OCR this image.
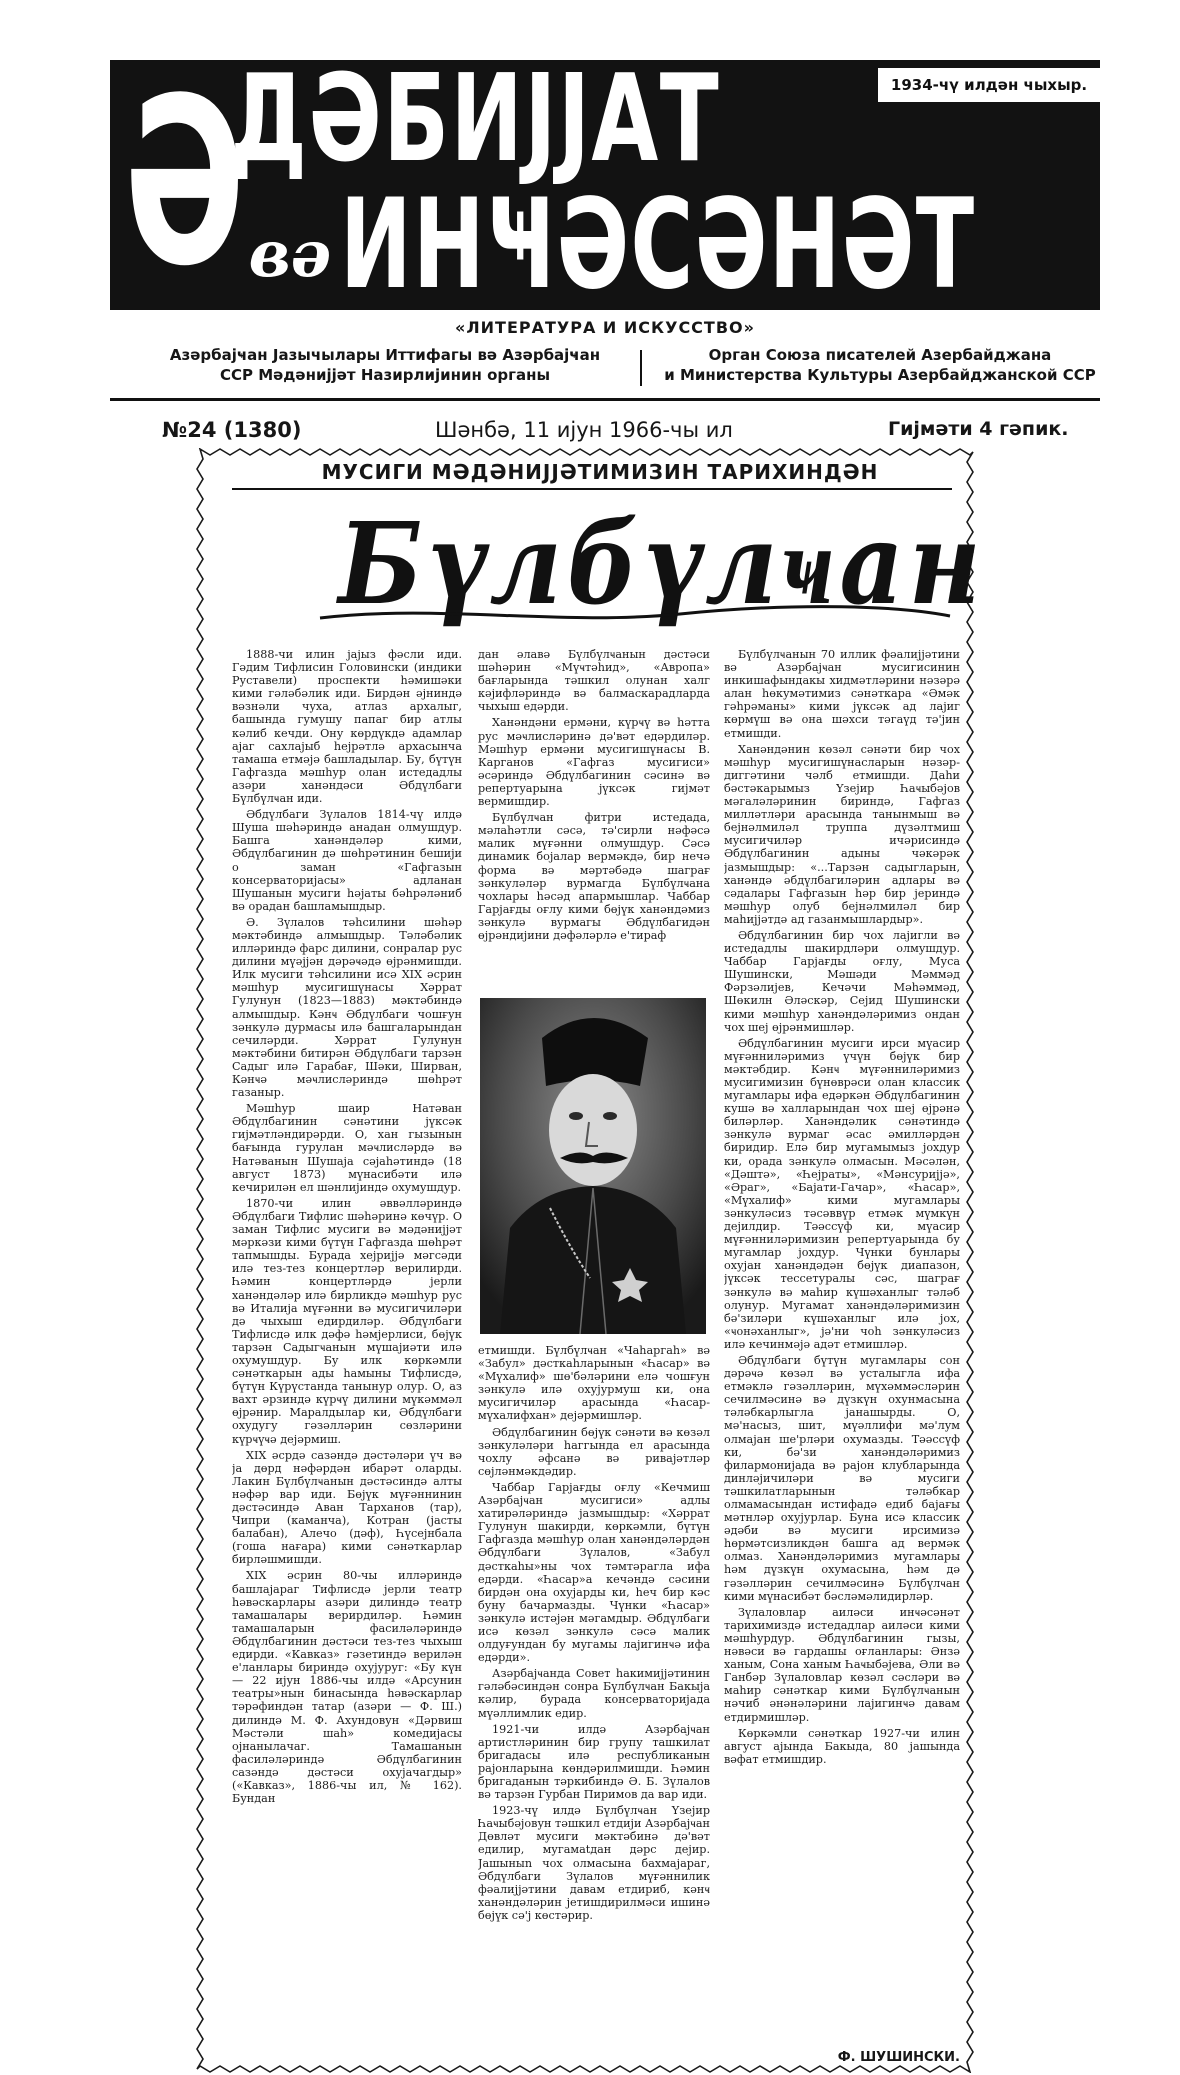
Ә
ДӘБИЈЈАТ
вә ИНҸӘСӘНӘТ
1934-чү илдән чыхыр.
«ЛИТЕРАТУРА И ИСКУССТВО»
Азәрбајҹан Јазычылары Иттифагы вә Азәрбајҹан
ССР Мәдәнијјәт Назирлијинин органы
Орган Союза писателей Азербайджана
и Министерства Культуры Азербайджанской ССР
№24 (1380)	Шәнбә, 11 ијун 1966-чы ил	Гијмәти 4 гәпик.
МУСИГИ МӘДӘНИЈЈӘТИМИЗИН ТАРИХИНДӘН
Бүлбүлҹан

1888-чи илин јајыз фәсли иди. Гәдим Тифлисин Головински (индики Руставели) проспекти һәмишәки кими гәләбәлик иди. Бирдән әјниндә вәзнәли чуха, атлаз архалыг, башында гумушу папаг бир атлы кәлиб кечди. Ону көрдүкдә адамлар ајаг сахлајыб һејрәтлә архасынча тамаша етмәјә башладылар. Бу, бүтүн Гафгазда мәшһур олан истедадлы азәри ханәндәси Әбдүлбаги Бүлбүлҹан иди.

Әбдүлбаги Зүлалов 1814-чү илдә Шуша шәһәриндә анадан олмушдур. Башга ханәндәләр кими, Әбдүлбагинин дә шөһрәтинин бешији о заман «Гафгазын консерваторијасы» адланан Шушанын мусиги һәјаты бәһрәләниб вә орадан башламышдыр.

Ә. Зүлалов тәһсилини шәһәр мәктәбиндә алмышдыр. Тәләбәлик илләриндә фарс дилини, сонралар рус дилини мүәјјән дәрәҹәдә өјрәнмишди. Илк мусиги тәһсилини исә XIX әсрин мәшһур мусигишүнасы Хәррат Гулунун (1823—1883) мәктәбиндә алмышдыр. Кәнҹ Әбдүлбаги чошғун зәнкулә дурмасы илә башгаларындан сечиләрди. Хәррат Гулунун мәктәбини битирән Әбдүлбаги тарзән Садыг илә Гарабағ, Шәки, Ширван, Кәнҹә мәҹлисләриндә шөһрәт газаныр.

Мәшһур шаир Натәван Әбдүлбагинин сәнәтини јүксәк гијмәтләндирәрди. О, хан гызынын бағында гурулан мәҹлисләрдә вә Натәванын Шушаја сәјаһәтиндә (18 август 1873) мүнасибәти илә кечирилән ел шәнлијиндә охумушдур.

1870-чи илин әввәлләриндә Әбдүлбаги Тифлис шәһәринә көчүр. О заман Тифлис мусиги вә мәдәнијјәт мәркәзи кими бүтүн Гафгазда шөһрәт тапмышды. Бурада хејријјә мәгсәди илә тез-тез концертләр верилирди. Һәмин концертләрдә јерли ханәндәләр илә бирликдә мәшһур рус вә Италија мүғәнни вә мусигичиләри дә чыхыш едирдиләр. Әбдүлбаги Тифлисдә илк дәфә һәмјерлиси, бөјүк тарзән Садыгҹанын мүшајиәти илә охумушдур. Бу илк көркәмли сәнәткарын ады һамыны Тифлисдә, бүтүн Күрүстанда танынур олур. О, аз вахт әрзиндә күрҹү дилини мүкәммәл өјрәнир. Маралдылар ки, Әбдүлбаги охудугу гәзәлләрин сөзләрини күрҹүҹә дејәрмиш.

XIX әсрдә сазәндә дәстәләри үч вә ја дөрд нәфәрдән ибарәт оларды. Лакин Бүлбүлҹанын дәстәсиндә алты нәфәр вар иди. Бөјүк мүғәннинин дәстәсиндә Аван Тарханов (тар), Чипри (каманча), Котран (јасты балабан), Алечо (дәф), Һүсејнбала (гоша нағара) кими сәнәткарлар бирләшмишди.

XIX әсрин 80-чы илләриндә башлајараг Тифлисдә јерли театр һәвәскарлары азәри дилиндә театр тамашалары верирдиләр. Һәмин тамашаларын фасиләләриндә Әбдүлбагинин дәстәси тез-тез чыхыш едирди. «Кавказ» гәзетиндә верилән е'ланлары бириндә охујуруг: «Бу күн — 22 ијун 1886-чы илдә «Арсунин театры»нын бинасында һәвәскарлар тәрәфиндән татар (азәри — Ф. Ш.) дилиндә М. Ф. Ахундовун «Дәрвиш Мәстәли шаһ» комедијасы ојнанылачаг. Тамашанын фасиләләриндә Әбдүлбагинин сазәндә дәстәси охујачагдыр» («Кавказ», 1886-чы ил, № 162). Бундан

дан әлавә Бүлбүлҹанын дәстәси шәһәрин «Мүҹтәһид», «Авропа» бағларында тәшкил олунан халг кәјифләриндә вә балмаскарадларда чыхыш едәрди.

Ханәндәни ермәни, күрҹү вә һәтта рус мәҹлисләринә дә'вәт едәрдиләр. Мәшһур ермәни мусигишүнасы В. Карганов «Гафгаз мусигиси» әсәриндә Әбдүлбагинин сәсинә вә репертуарына јүксәк гијмәт вермишдир.

Бүлбүлҹан фитри истедада, мәлаһәтли сәсә, тә'сирли нәфәсә малик мүғәнни олмушдур. Сәсә динамик бојалар вермәкдә, бир нечә форма вә мәртәбәдә шаграғ зәнкуләләр вурмагда Бүлбүлҹана чохлары һәсәд апармышлар. Чаббар Гарјағды оғлу кими бөјүк ханәндәмиз зәнкулә вурмагы Әбдүлбагидән өјрәндијини дәфәләрлә е'тираф

етмишди. Бүлбүлҹан «Чаһаргаһ» вә «Забул» дәсткаһларынын «Һасар» вә «Мүхалиф» шө'бәләрини елә чошғун зәнкулә илә охујурмуш ки, она мусигичиләр арасында «Һасар-мүхалифхан» дејәрмишләр.

Әбдүлбагинин бөјүк сәнәти вә көзәл зәнкуләләри һаггында ел арасында чохлу әфсанә вә ривајәтләр сөјләнмәкдәдир.

Чаббар Гарјағды оғлу «Кечмиш Азәрбајҹан мусигиси» адлы хатирәләриндә јазмышдыр: «Хәррат Гулунун шакирди, көркәмли, бүтүн Гафгазда мәшһур олан ханәндәләрдән Әбдүлбаги Зүлалов, «Забул дәсткаһы»ны чох тәмтәрагла ифа едәрди. «Һасар»а кечәндә сәсини бирдән она охујарды ки, һеч бир кәс буну бачармазды. Чүнки «Һасар» зәнкулә истәјән мәгамдыр. Әбдүлбаги исә көзәл зәнкулә сәсә малик олдуғундан бу мугамы лајигинҹә ифа едәрди».

Азәрбајҹанда Совет һакимијјәтинин гәләбәсиндән сонра Бүлбүлҹан Бакыја кәлир, бурада консерваторијада мүәллимлик едир.

1921-чи илдә Азәрбајҹан артистләринин бир групу ташкилат бригадасы илә республиканын рајонларына көндәрилмишди. Һәмин бригаданын тәркибиндә Ә. Б. Зүлалов вә тарзән Гурбан Пиримов да вар иди.

1923-чү илдә Бүлбүлҹан Үзеjир Һаҹыбәјовун тәшкил етдији Азәрбајҹан Дөвләт мусиги мәктәбинә дә'вәт едилир, мугамаtдан дәрс дејир. Јашыныn чох олмасына бахмајараг, Әбдүлбаги Зүлалов мүғәннилик фәалијјәтини давам етдириб, кәнҹ ханәндәләрин јетишдирилмәси ишинә бөјүк сә'ј көстәрир.

Бүлбүлҹанын 70 иллик фәалијјәтини вә Азәрбајҹан мусигисинин инкишафындакы хидмәтләрини нәзәрә алан һөкумәтимиз сәнәткара «Әмәк гәһрәманы» кими јүксәк ад лајиг көрмүш вә она шәхси тәгаүд тә'јин етмишди.

Ханәндәнин көзәл сәнәти бир чох мәшһур мусигишүнасларын нәзәр-диггәтини чәлб етмишди. Даһи бәстәкарымыз Үзеjир Һаҹыбәјов мәгаләләринин бириндә, Гафгаз милләтләри арасында танынмыш вә бејнәлмиләл труппа дүзәлтмиш мусигичиләр ичәрисиндә Әбдүлбагинин адыны чәкәрәк јазмышдыр: «...Тарзән садыгларын, ханәндә әбдүлбагиләрин адлары вә сәдалары Гафгазын һәр бир јериндә мәшһур олуб бејнәлмиләл бир маһијјәтдә ад газанмышлардыр».

Әбдүлбагинин бир чох лајигли вә истедадлы шакирдләри олмушдур. Чаббар Гарјағды оғлу, Муса Шушински, Мәшәди Мәммәд Фәрзәлијев, Кечәчи Мәһәммәд, Шөкилн Әләскәр, Сејид Шушински кими мәшһур ханәндәләримиз ондан чох шеј өјрәнмишләр.

Әбдүлбагинин мусиги ирси мүасир мүғәнниләримиз үчүн бөјүк бир мәктәбдир. Кәнҹ мүғәнниләримиз мусигимизин бүнөврәси олан классик мугамлары ифа едәркән Әбдүлбагинин кушә вә халларындан чох шеј өјрәнә биләрләр. Ханәндәлик сәнәтиндә зәнкулә вурмаг әсас әмилләрдән биридир. Елә бир мугамымыз јохдур ки, орада зәнкулә олмасын. Мәсәлән, «Дәштә», «Һејраты», «Мәнсуријјә», «Әраг», «Бајати-Гачар», «Һасар», «Мүхалиф» кими мугамлары зәнкуләсиз тәсәввүр етмәк мүмкүн дејилдир. Тәәссүф ки, мүасир мүғәнниләримизин репертуарында бу мугамлар јохдур. Чүнки бунлары охујан ханәндәдән бөјүк диапазон, јүксәк тессетуралы сәс, шаграғ зәнкулә вә маһир күшәханлыг тәләб олунур. Мугамат ханәндәләримизин бә'зиләри күшәханлыг илә јох, «ҹонәханлыг», јә'ни чоһ зәнкуләсиз илә кечинмәјә адәт етмишләр.

Әбдүлбаги бүтүн мугамлары сон дәрәҹә көзәл вә усталыгла ифа етмәклә гәзәлләрин, мүхәммәсләрин сечилмәсинә вә дүзкүн охунмасына тәләбкарлыгла јанашырды. О, мә'насыз, шит, мүәллифи мә'лум олмајан ше'рләри охумазды. Тәәссүф ки, бә'зи ханәндәләримиз филармонијада вә рајон клубларында динләјичиләри вә мусиги тәшкилатларынын тәләбкар олмамасындан истифадә едиб бајағы мәтнләр охујурлар. Буна исә классик әдәби вә мусиги ирсимизә һөрмәтсизликдән башга ад вермәк олмаз. Ханәндәләримиз мугамлары һәм дүзкүн охумасына, һәм дә гәзәлләрин сечилмәсинә Бүлбүлҹан кими мүнасибәт бәсләмәлидирләр.

Зүлаловлар аиләси инҹәсәнәт тарихимиздә истедадлар аиләси кими мәшһурдур. Әбдүлбагинин гызы, нәвәси вә гардашы оғланлары: Әнзә ханым, Сона ханым Һаҹыбәјева, Әли вә Ганбәр Зүлаловлар көзәл сәсләри вә маһир сәнәткар кими Бүлбүлҹанын нәчиб әнәнәләрини лајигинҹә давам етдирмишләр.

Көркәмли сәнәткар 1927-чи илин август ајында Бакыда, 80 јашында вәфат етмишдир.

Ф. ШУШИНСКИ.
